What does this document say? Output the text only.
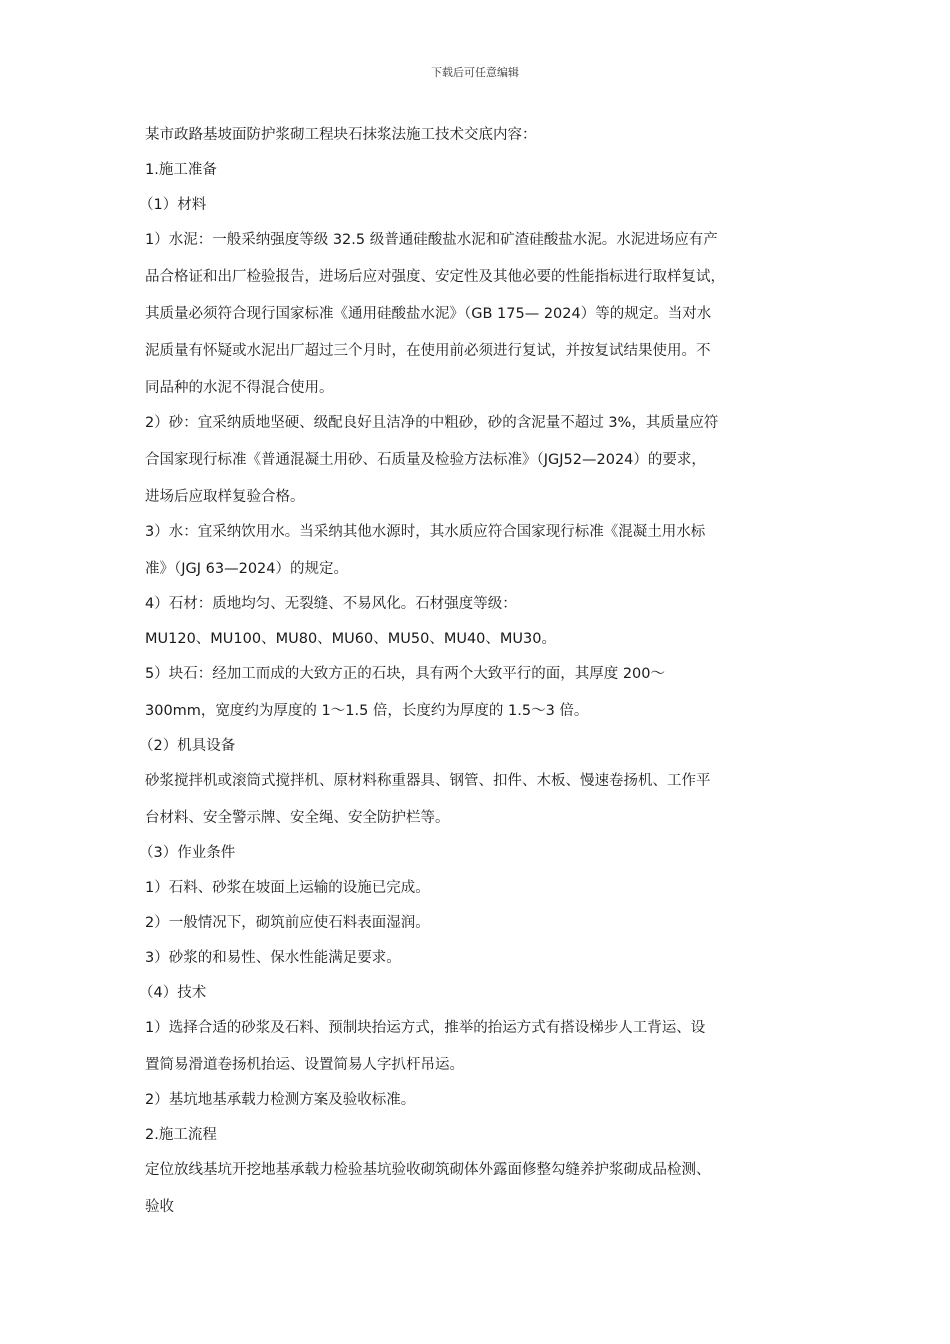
下载后可任意编辑

某市政路基坡面防护浆砌工程块石抹浆法施工技术交底内容：

1.施工准备

（1）材料

1）水泥：一般采纳强度等级 32.5 级普通硅酸盐水泥和矿渣硅酸盐水泥。水泥进场应有产

品合格证和出厂检验报告，进场后应对强度、安定性及其他必要的性能指标进行取样复试，

其质量必须符合现行国家标准《通用硅酸盐水泥》（GB 175— 2024）等的规定。当对水

泥质量有怀疑或水泥出厂超过三个月时，在使用前必须进行复试，并按复试结果使用。不

同品种的水泥不得混合使用。

2）砂：宜采纳质地坚硬、级配良好且洁净的中粗砂，砂的含泥量不超过 3%，其质量应符

合国家现行标准《普通混凝土用砂、石质量及检验方法标准》（JGJ52—2024）的要求，

进场后应取样复验合格。

3）水：宜采纳饮用水。当采纳其他水源时，其水质应符合国家现行标准《混凝土用水标

准》（JGJ 63—2024）的规定。

4）石材：质地均匀、无裂缝、不易风化。石材强度等级：

MU120、MU100、MU80、MU60、MU50、MU40、MU30。

5）块石：经加工而成的大致方正的石块，具有两个大致平行的面，其厚度 200～

300mm，宽度约为厚度的 1～1.5 倍，长度约为厚度的 1.5～3 倍。

（2）机具设备

砂浆搅拌机或滚筒式搅拌机、原材料称重器具、钢管、扣件、木板、慢速卷扬机、工作平

台材料、安全警示牌、安全绳、安全防护栏等。

（3）作业条件

1）石料、砂浆在坡面上运输的设施已完成。

2）一般情况下，砌筑前应使石料表面湿润。

3）砂浆的和易性、保水性能满足要求。

（4）技术

1）选择合适的砂浆及石料、预制块抬运方式，推举的抬运方式有搭设梯步人工背运、设

置简易滑道卷扬机抬运、设置简易人字扒杆吊运。

2）基坑地基承载力检测方案及验收标准。

2.施工流程

定位放线基坑开挖地基承载力检验基坑验收砌筑砌体外露面修整勾缝养护浆砌成品检测、

验收
